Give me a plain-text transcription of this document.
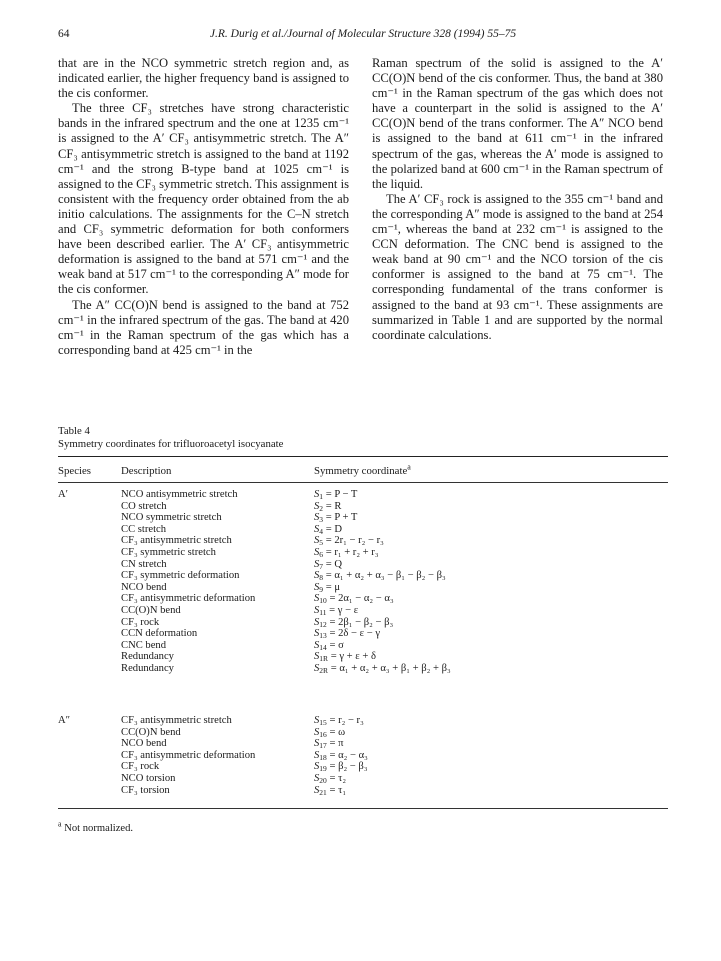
64	J.R. Durig et al./Journal of Molecular Structure 328 (1994) 55–75

that are in the NCO symmetric stretch region and, as indicated earlier, the higher frequency band is assigned to the cis conformer.

The three CF₃ stretches have strong characteristic bands in the infrared spectrum and the one at 1235 cm⁻¹ is assigned to the A′ CF₃ antisymmetric stretch. The A″ CF₃ antisymmetric stretch is assigned to the band at 1192 cm⁻¹ and the strong B-type band at 1025 cm⁻¹ is assigned to the CF₃ symmetric stretch. This assignment is consistent with the frequency order obtained from the ab initio calculations. The assignments for the C–N stretch and CF₃ symmetric deformation for both conformers have been described earlier. The A′ CF₃ antisymmetric deformation is assigned to the band at 571 cm⁻¹ and the weak band at 517 cm⁻¹ to the corresponding A″ mode for the cis conformer.

The A″ CC(O)N bend is assigned to the band at 752 cm⁻¹ in the infrared spectrum of the gas. The band at 420 cm⁻¹ in the Raman spectrum of the gas which has a corresponding band at 425 cm⁻¹ in the

Raman spectrum of the solid is assigned to the A′ CC(O)N bend of the cis conformer. Thus, the band at 380 cm⁻¹ in the Raman spectrum of the gas which does not have a counterpart in the solid is assigned to the A′ CC(O)N bend of the trans conformer. The A″ NCO bend is assigned to the band at 611 cm⁻¹ in the infrared spectrum of the gas, whereas the A′ mode is assigned to the polarized band at 600 cm⁻¹ in the Raman spectrum of the liquid.

The A′ CF₃ rock is assigned to the 355 cm⁻¹ band and the corresponding A″ mode is assigned to the band at 254 cm⁻¹, whereas the band at 232 cm⁻¹ is assigned to the CCN deformation. The CNC bend is assigned to the weak band at 90 cm⁻¹ and the NCO torsion of the cis conformer is assigned to the band at 75 cm⁻¹. The corresponding fundamental of the trans conformer is assigned to the band at 93 cm⁻¹. These assignments are summarized in Table 1 and are supported by the normal coordinate calculations.

Table 4
Symmetry coordinates for trifluoroacetyl isocyanate
Species	Description	Symmetry coordinate$^a$
A′	NCO antisymmetric stretch	$S_1 = P - T$
CO stretch	$S_2 = R$
NCO symmetric stretch	$S_3 = P + T$
CC stretch	$S_4 = D$
CF₃ antisymmetric stretch	$S_5 = 2r_1 - r_2 - r_3$
CF₃ symmetric stretch	$S_6 = r_1 + r_2 + r_3$
CN stretch	$S_7 = Q$
CF₃ symmetric deformation	$S_8 = \alpha_1 + \alpha_2 + \alpha_3 - \beta_1 - \beta_2 - \beta_3$
NCO bend	$S_9 = \mu$
CF₃ antisymmetric deformation	$S_{10} = 2\alpha_1 - \alpha_2 - \alpha_3$
CC(O)N bend	$S_{11} = \gamma - \varepsilon$
CF₃ rock	$S_{12} = 2\beta_1 - \beta_2 - \beta_3$
CCN deformation	$S_{13} = 2\delta - \varepsilon - \gamma$
CNC bend	$S_{14} = \sigma$
Redundancy	$S_{1R} = \gamma + \varepsilon + \delta$
Redundancy	$S_{2R} = \alpha_1 + \alpha_2 + \alpha_3 + \beta_1 + \beta_2 + \beta_3$
A″	CF₃ antisymmetric stretch	$S_{15} = r_2 - r_3$
CC(O)N bend	$S_{16} = \omega$
NCO bend	$S_{17} = \pi$
CF₃ antisymmetric deformation	$S_{18} = \alpha_2 - \alpha_3$
CF₃ rock	$S_{19} = \beta_2 - \beta_3$
NCO torsion	$S_{20} = \tau_2$
CF₃ torsion	$S_{21} = \tau_1$
$^a$ Not normalized.
